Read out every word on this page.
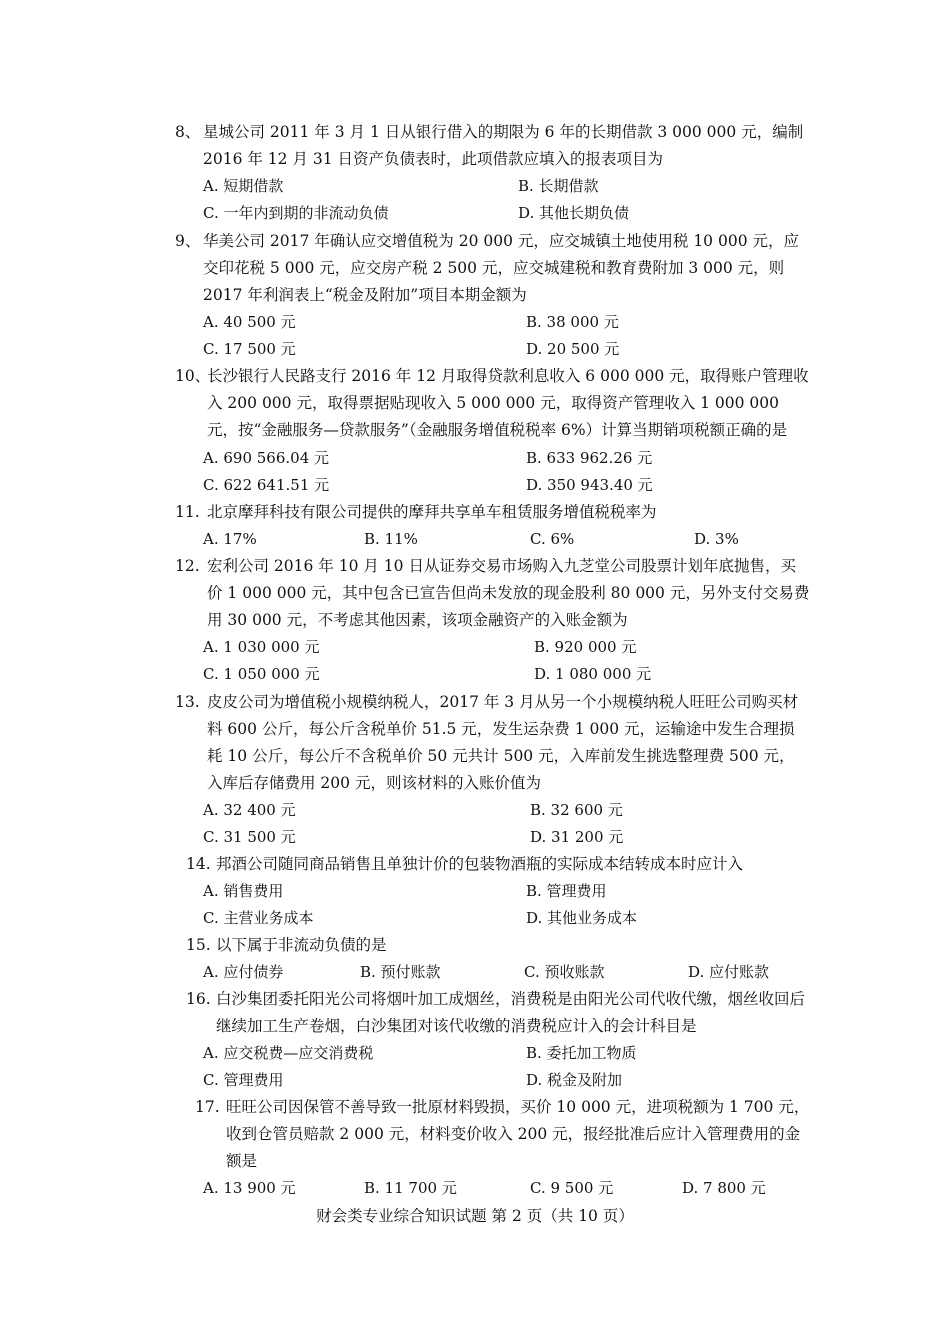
8、 星城公司 2011 年 3 月 1 日从银行借入的期限为 6 年的长期借款 3 000 000 元，编制 2016 年 12 月 31 日资产负债表时，此项借款应填入的报表项目为
A. 短期借款	B. 长期借款
C. 一年内到期的非流动负债	D. 其他长期负债
9、 华美公司 2017 年确认应交增值税为 20 000 元，应交城镇土地使用税 10 000 元，应交印花税 5 000 元，应交房产税 2 500 元，应交城建税和教育费附加 3 000 元，则 2017 年利润表上“税金及附加”项目本期金额为
A. 40 500 元	B. 38 000 元
C. 17 500 元	D. 20 500 元
10、
长沙银行人民路支行 2016 年 12 月取得贷款利息收入 6 000 000 元，取得账户管理收入 200 000 元，取得票据贴现收入 5 000 000 元，取得资产管理收入 1 000 000 元，按“金融服务—贷款服务”（金融服务增值税税率 6%）计算当期销项税额正确的是
A. 690 566.04 元	B. 633 962.26 元
C. 622 641.51 元	D. 350 943.40 元
11. 北京摩拜科技有限公司提供的摩拜共享单车租赁服务增值税税率为
A. 17%	B. 11%	C. 6%	D. 3%
12. 宏利公司 2016 年 10 月 10 日从证券交易市场购入九芝堂公司股票计划年底抛售，买价 1 000 000 元，其中包含已宣告但尚未发放的现金股利 80 000 元，另外支付交易费用 30 000 元，不考虑其他因素，该项金融资产的入账金额为
A. 1 030 000 元	B. 920 000 元
C. 1 050 000 元	D. 1 080 000 元
13. 皮皮公司为增值税小规模纳税人，2017 年 3 月从另一个小规模纳税人旺旺公司购买材料 600 公斤，每公斤含税单价 51.5 元，发生运杂费 1 000 元，运输途中发生合理损耗 10 公斤，每公斤不含税单价 50 元共计 500 元，入库前发生挑选整理费 500 元，入库后存储费用 200 元，则该材料的入账价值为
A. 32 400 元	B. 32 600 元
C. 31 500 元	D. 31 200 元
14. 邦酒公司随同商品销售且单独计价的包装物酒瓶的实际成本结转成本时应计入
A. 销售费用	B. 管理费用
C. 主营业务成本	D. 其他业务成本
15. 以下属于非流动负债的是
A. 应付债券	B. 预付账款	C. 预收账款	D. 应付账款
16. 白沙集团委托阳光公司将烟叶加工成烟丝，消费税是由阳光公司代收代缴，烟丝收回后继续加工生产卷烟，白沙集团对该代收缴的消费税应计入的会计科目是
A. 应交税费—应交消费税	B. 委托加工物质
C. 管理费用	D. 税金及附加
17. 旺旺公司因保管不善导致一批原材料毁损，买价 10 000 元，进项税额为 1 700 元，收到仓管员赔款 2 000 元，材料变价收入 200 元，报经批准后应计入管理费用的金额是
A. 13 900 元	B. 11 700 元	C. 9 500 元	D. 7 800 元
财会类专业综合知识试题 第 2 页（共 10 页）
